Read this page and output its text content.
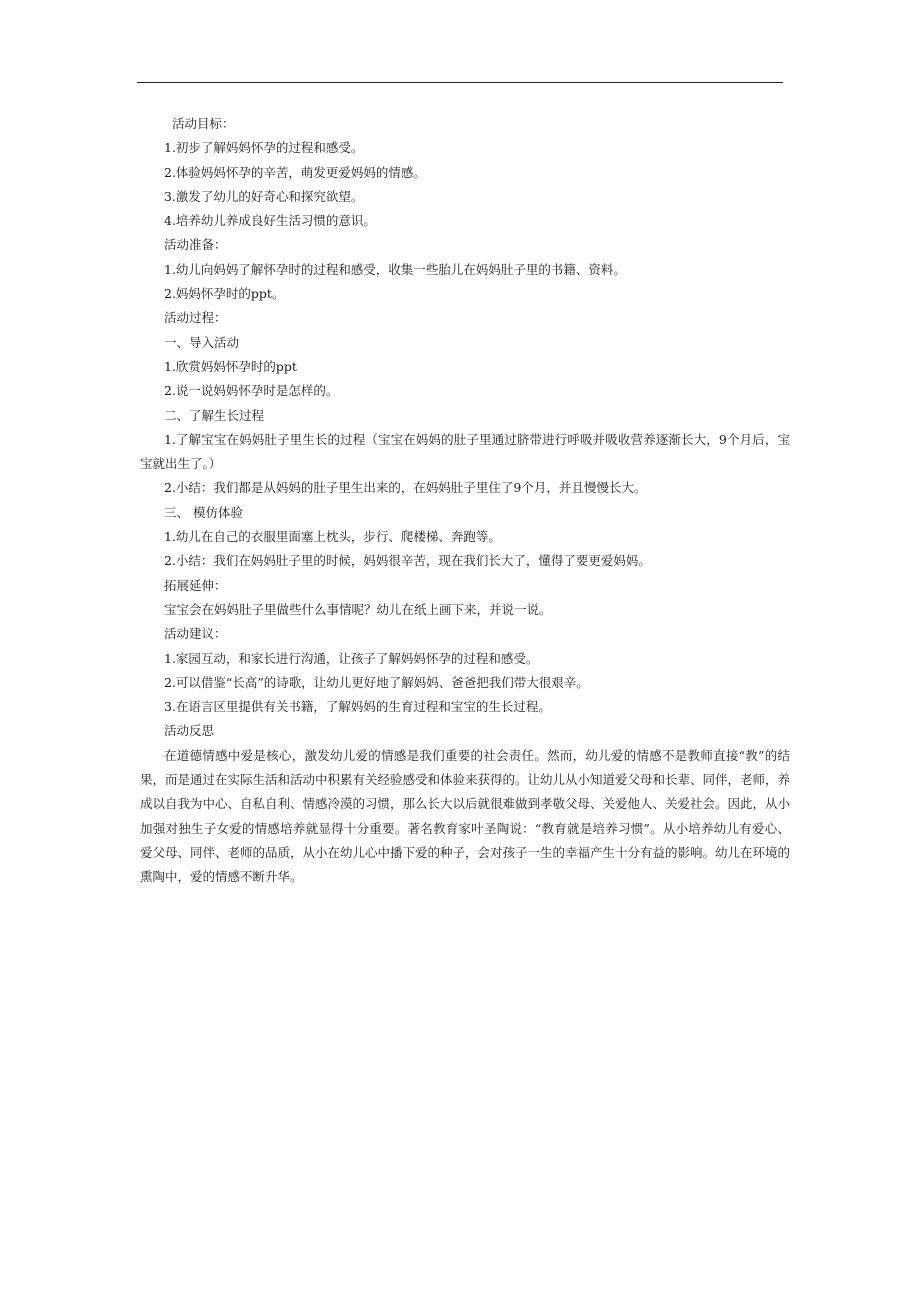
活动目标：
1.初步了解妈妈怀孕的过程和感受。
2.体验妈妈怀孕的辛苦，萌发更爱妈妈的情感。
3.激发了幼儿的好奇心和探究欲望。
4.培养幼儿养成良好生活习惯的意识。
活动准备：
1.幼儿向妈妈了解怀孕时的过程和感受，收集一些胎儿在妈妈肚子里的书籍、资料。
2.妈妈怀孕时的ppt。
活动过程：
一、导入活动
1.欣赏妈妈怀孕时的ppt
2.说一说妈妈怀孕时是怎样的。
二、了解生长过程
1.了解宝宝在妈妈肚子里生长的过程（宝宝在妈妈的肚子里通过脐带进行呼吸并吸收营养逐渐长大，9个月后，宝宝就出生了。）
2.小结：我们都是从妈妈的肚子里生出来的，在妈妈肚子里住了9个月，并且慢慢长大。
三、 模仿体验
1.幼儿在自己的衣服里面塞上枕头，步行、爬楼梯、奔跑等。
2.小结：我们在妈妈肚子里的时候，妈妈很辛苦，现在我们长大了，懂得了要更爱妈妈。
拓展延伸：
宝宝会在妈妈肚子里做些什么事情呢？幼儿在纸上画下来，并说一说。
活动建议：
1.家园互动，和家长进行沟通，让孩子了解妈妈怀孕的过程和感受。
2.可以借鉴“长高”的诗歌，让幼儿更好地了解妈妈、爸爸把我们带大很艰辛。
3.在语言区里提供有关书籍，了解妈妈的生育过程和宝宝的生长过程。
活动反思
在道德情感中爱是核心，激发幼儿爱的情感是我们重要的社会责任。然而，幼儿爱的情感不是教师直接“教”的结果，而是通过在实际生活和活动中积累有关经验感受和体验来获得的。让幼儿从小知道爱父母和长辈、同伴，老师，养成以自我为中心、自私自利、情感冷漠的习惯，那么长大以后就很难做到孝敬父母、关爱他人、关爱社会。因此，从小加强对独生子女爱的情感培养就显得十分重要。著名教育家叶圣陶说：“教育就是培养习惯”。从小培养幼儿有爱心、爱父母、同伴、老师的品质，从小在幼儿心中播下爱的种子，会对孩子一生的幸福产生十分有益的影响。幼儿在环境的熏陶中，爱的情感不断升华。
